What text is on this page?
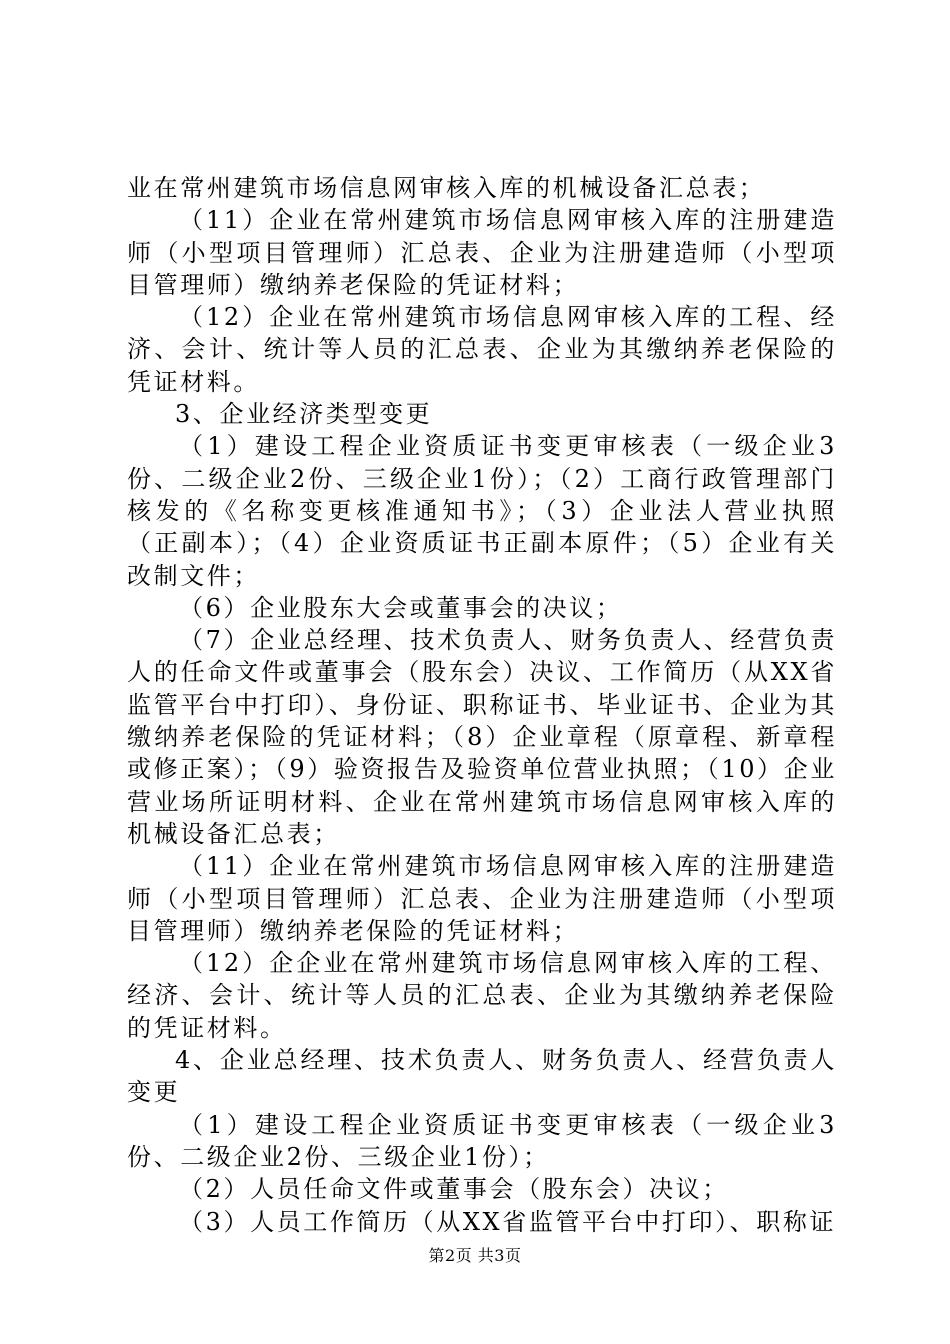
业在常州建筑市场信息网审核入库的机械设备汇总表；

（11）企业在常州建筑市场信息网审核入库的注册建造师（小型项目管理师）汇总表、企业为注册建造师（小型项目管理师）缴纳养老保险的凭证材料；

（12）企业在常州建筑市场信息网审核入库的工程、经济、会计、统计等人员的汇总表、企业为其缴纳养老保险的凭证材料。

3、企业经济类型变更

（1）建设工程企业资质证书变更审核表（一级企业3份、二级企业2份、三级企业1份）；（2）工商行政管理部门核发的《名称变更核准通知书》；（3）企业法人营业执照（正副本）；（4）企业资质证书正副本原件；（5）企业有关改制文件；

（6）企业股东大会或董事会的决议；

（7）企业总经理、技术负责人、财务负责人、经营负责人的任命文件或董事会（股东会）决议、工作简历（从XX省监管平台中打印）、身份证、职称证书、毕业证书、企业为其缴纳养老保险的凭证材料；（8）企业章程（原章程、新章程或修正案）；（9）验资报告及验资单位营业执照；（10）企业营业场所证明材料、企业在常州建筑市场信息网审核入库的机械设备汇总表；

（11）企业在常州建筑市场信息网审核入库的注册建造师（小型项目管理师）汇总表、企业为注册建造师（小型项目管理师）缴纳养老保险的凭证材料；

（12）企企业在常州建筑市场信息网审核入库的工程、经济、会计、统计等人员的汇总表、企业为其缴纳养老保险的凭证材料。

4、企业总经理、技术负责人、财务负责人、经营负责人变更

（1）建设工程企业资质证书变更审核表（一级企业3份、二级企业2份、三级企业1份）；

（2）人员任命文件或董事会（股东会）决议；

（3）人员工作简历（从XX省监管平台中打印）、职称证

第2页 共3页
